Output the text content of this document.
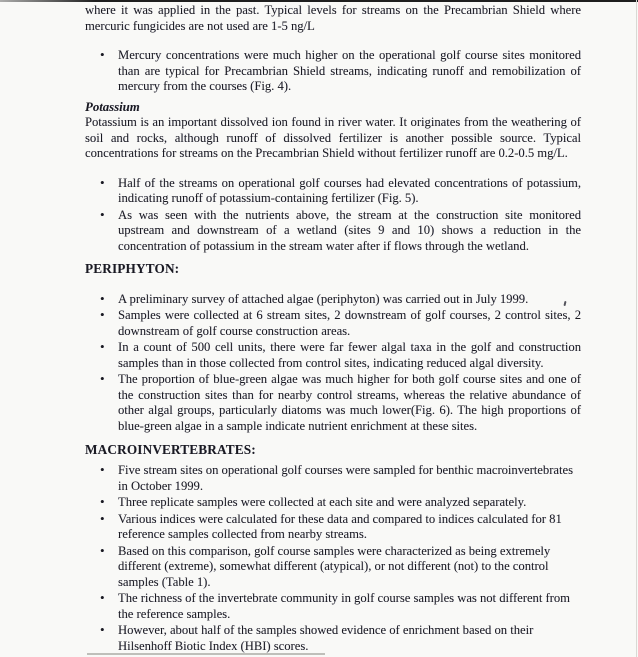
where it was applied in the past. Typical levels for streams on the Precambrian Shield where mercuric fungicides are not used are 1-5 ng/L

•
Mercury concentrations were much higher on the operational golf course sites monitored than are typical for Precambrian Shield streams, indicating runoff and remobilization of mercury from the courses (Fig. 4).
Potassium

Potassium is an important dissolved ion found in river water. It originates from the weathering of soil and rocks, although runoff of dissolved fertilizer is another possible source. Typical concentrations for streams on the Precambrian Shield without fertilizer runoff are 0.2-0.5 mg/L.

•
Half of the streams on operational golf courses had elevated concentrations of potassium, indicating runoff of potassium-containing fertilizer (Fig. 5).
•
As was seen with the nutrients above, the stream at the construction site monitored upstream and downstream of a wetland (sites 9 and 10) shows a reduction in the concentration of potassium in the stream water after if flows through the wetland.
PERIPHYTON:
•
A preliminary survey of attached algae (periphyton) was carried out in July 1999.
•
Samples were collected at 6 stream sites, 2 downstream of golf courses, 2 control sites, 2 downstream of golf course construction areas.
•
In a count of 500 cell units, there were far fewer algal taxa in the golf and construction samples than in those collected from control sites, indicating reduced algal diversity.
•
The proportion of blue-green algae was much higher for both golf course sites and one of the construction sites than for nearby control streams, whereas the relative abundance of other algal groups, particularly diatoms was much lower(Fig. 6). The high proportions of blue-green algae in a sample indicate nutrient enrichment at these sites.
MACROINVERTEBRATES:
•
Five stream sites on operational golf courses were sampled for benthic macroinvertebrates in October 1999.
•
Three replicate samples were collected at each site and were analyzed separately.
•
Various indices were calculated for these data and compared to indices calculated for 81 reference samples collected from nearby streams.
•
Based on this comparison, golf course samples were characterized as being extremely different (extreme), somewhat different (atypical), or not different (not) to the control samples (Table 1).
•
The richness of the invertebrate community in golf course samples was not different from the reference samples.
•
However, about half of the samples showed evidence of enrichment based on their Hilsenhoff Biotic Index (HBI) scores.
